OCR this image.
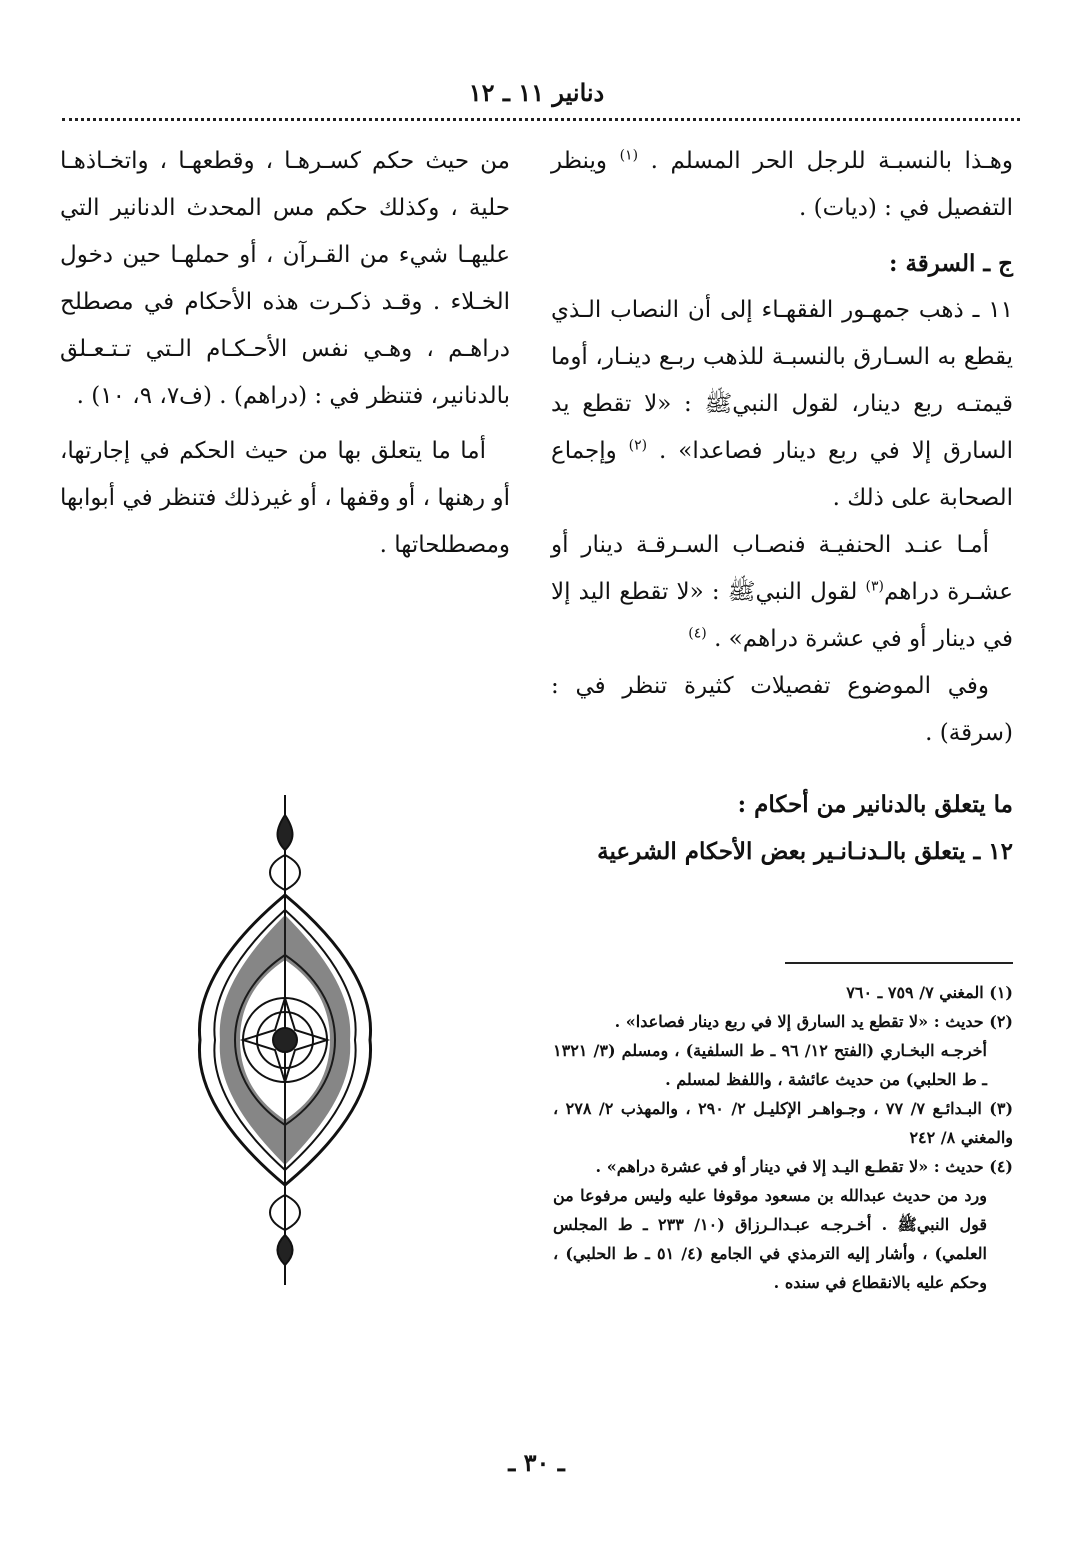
دنانير ١١ ـ ١٢

وهـذا بالنسبـة للرجل الحر المسلم . $^{(١)}$ وينظر التفصيل في : (ديات) .

ج ـ السرقة :

١١ ـ ذهب جمهـور الفقهـاء إلى أن النصاب الـذي يقطع به السـارق بالنسبـة للذهب ربـع دينـار، أوما قيمتـه ربع دينار، لقول النبيﷺ : «لا تقطع يد السارق إلا في ربع دينار فصاعدا» . $^{(٢)}$ وإجماع الصحابة على ذلك .

أمـا عنـد الحنفيـة فنصـاب السـرقـة دينار أو عشـرة دراهم$^{(٣)}$ لقول النبيﷺ : «لا تقطع اليد إلا في دينار أو في عشرة دراهم» . $^{(٤)}$

وفي الموضوع تفصيلات كثيرة تنظر في : (سرقة) .

ما يتعلق بالدنانير من أحكام :

١٢ ـ يتعلق بالـدنـانـير بعض الأحكام الشرعية

من حيث حكم كسـرهـا ، وقطعهـا ، واتخـاذهـا حلية ، وكذلك حكم مس المحدث الدنانير التي عليهـا شيء من القـرآن ، أو حملهـا حين دخول الخـلاء . وقـد ذكـرت هذه الأحكام في مصطلح دراهـم ، وهـي نفس الأحـكـام الـتي تـتـعـلق بالدنانير، فتنظر في : (دراهم) . (ف٧، ٩، ١٠) .

أما ما يتعلق بها من حيث الحكم في إجارتها، أو رهنها ، أو وقفها ، أو غيرذلك فتنظر في أبوابها ومصطلحاتها .

(١) المغني ٧/ ٧٥٩ ـ ٧٦٠

(٢) حديث : «لا تقطع يد السارق إلا في ربع دينار فصاعدا» .

أخرجـه البخـاري (الفتح ١٢/ ٩٦ ـ ط السلفية) ، ومسلم (٣/ ١٣٢١ ـ ط الحلبي) من حديث عائشة ، واللفظ لمسلم .

(٣) البـدائـع ٧/ ٧٧ ، وجـواهـر الإكليـل ٢/ ٢٩٠ ، والمهذب ٢/ ٢٧٨ ، والمغني ٨/ ٢٤٢

(٤) حديث : «لا تقطـع اليـد إلا في دينار أو في عشرة دراهم» .

ورد من حديث عبدالله بن مسعود موقوفا عليه وليس مرفوعا من قول النبيﷺ . أخـرجـه عبـدالـرزاق (١٠/ ٢٣٣ ـ ط المجلس العلمي) ، وأشار إليه الترمذي في الجامع (٤/ ٥١ ـ ط الحلبي) ، وحكم عليه بالانقطاع في سنده .

ـ ٣٠ ـ
